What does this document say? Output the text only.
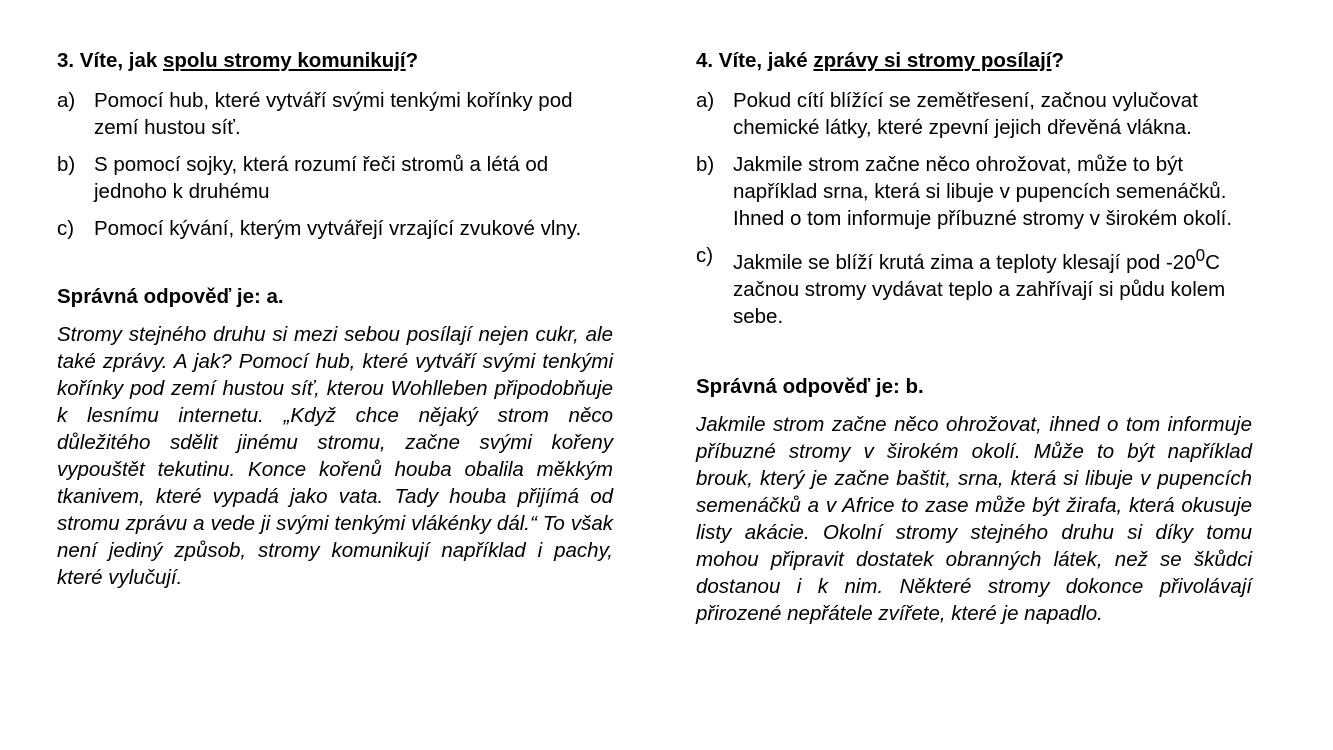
3. Víte, jak spolu stromy komunikují?

a) Pomocí hub, které vytváří svými tenkými kořínky pod zemí hustou síť.
b) S pomocí sojky, která rozumí řeči stromů a létá od jednoho k druhému
c) Pomocí kývání, kterým vytvářejí vrzající zvukové vlny.

Správná odpověď je: a.

Stromy stejného druhu si mezi sebou posílají nejen cukr, ale také zprávy. A jak? Pomocí hub, které vytváří svými tenkými kořínky pod zemí hustou síť, kterou Wohlleben připodobňuje k lesnímu internetu. „Když chce nějaký strom něco důležitého sdělit jinému stromu, začne svými kořeny vypouštět tekutinu. Konce kořenů houba obalila měkkým tkanivem, které vypadá jako vata. Tady houba přijímá od stromu zprávu a vede ji svými tenkými vlákénky dál.“ To však není jediný způsob, stromy komunikují například i pachy, které vylučují.

4. Víte, jaké zprávy si stromy posílají?

a) Pokud cítí blížící se zemětřesení, začnou vylučovat chemické látky, které zpevní jejich dřevěná vlákna.
b) Jakmile strom začne něco ohrožovat, může to být například srna, která si libuje v pupencích semenáčků. Ihned o tom informuje příbuzné stromy v širokém okolí.
c) Jakmile se blíží krutá zima a teploty klesají pod $-20^0C$ začnou stromy vydávat teplo a zahřívají si půdu kolem sebe.

Správná odpověď je: b.

Jakmile strom začne něco ohrožovat, ihned o tom informuje příbuzné stromy v širokém okolí. Může to být například brouk, který je začne baštit, srna, která si libuje v pupencích semenáčků a v Africe to zase může být žirafa, která okusuje listy akácie. Okolní stromy stejného druhu si díky tomu mohou připravit dostatek obranných látek, než se škůdci dostanou i k nim. Některé stromy dokonce přivolávají přirozené nepřátele zvířete, které je napadlo.
